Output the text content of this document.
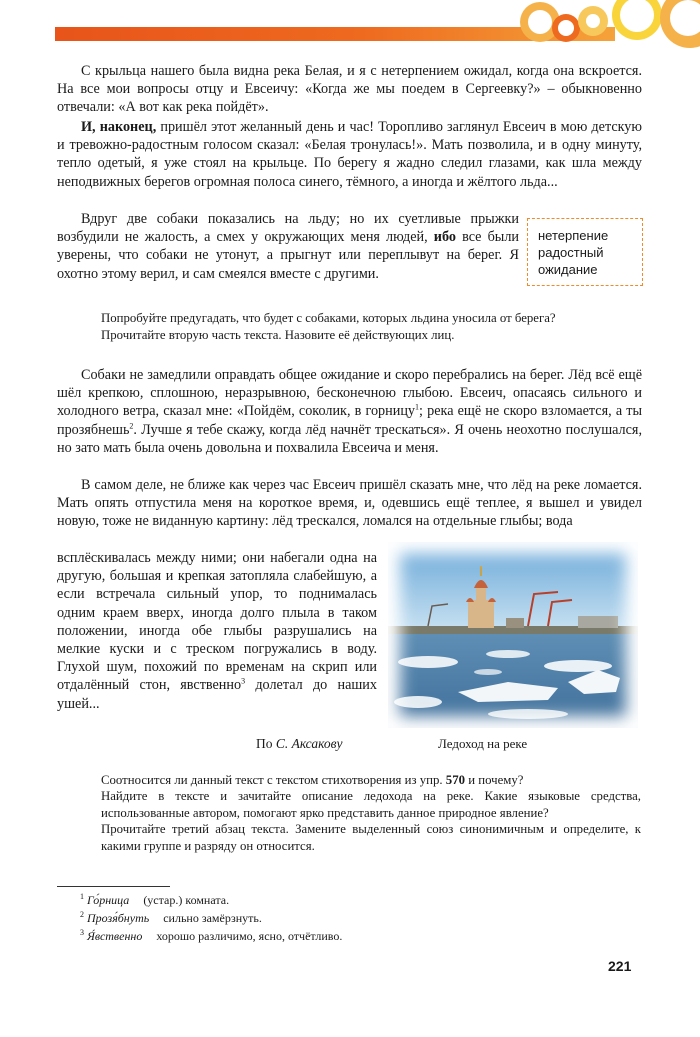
С крыльца нашего была видна река Белая, и я с нетерпением ожидал, когда она вскроется. На все мои вопросы отцу и Евсеичу: «Когда же мы поедем в Сергеевку?» – обыкновенно отвечали: «А вот как река пойдёт».

И, наконец, пришёл этот желанный день и час! Торопливо заглянул Евсеич в мою детскую и тревожно-радостным голосом сказал: «Белая тронулась!». Мать позволила, и в одну минуту, тепло одетый, я уже стоял на крыльце. По берегу я жадно следил глазами, как шла между неподвижных берегов огромная полоса синего, тёмного, а иногда и жёлтого льда...

Вдруг две собаки показались на льду; но их суетливые прыжки возбудили не жалость, а смех у окружающих меня людей, ибо все были уверены, что собаки не утонут, а прыгнут или переплывут на берег. Я охотно этому верил, и сам смеялся вместе с другими.

нетерпение радостный ожидание

Попробуйте предугадать, что будет с собаками, которых льдина уносила от берега?

Прочитайте вторую часть текста. Назовите её действующих лиц.

Собаки не замедлили оправдать общее ожидание и скоро перебрались на берег. Лёд всё ещё шёл крепкою, сплошною, неразрывною, бесконечною глыбою. Евсеич, опасаясь сильного и холодного ветра, сказал мне: «Пойдём, соколик, в горницу$^1$; река ещё не скоро взломается, а ты прозябнешь$^2$. Лучше я тебе скажу, когда лёд начнёт трескаться». Я очень неохотно послушался, но зато мать была очень довольна и похвалила Евсеича и меня.

В самом деле, не ближе как через час Евсеич пришёл сказать мне, что лёд на реке ломается. Мать опять отпустила меня на короткое время, и, одевшись ещё теплее, я вышел и увидел новую, тоже не виданную картину: лёд трескался, ломался на отдельные глыбы; вода

всплёскивалась между ними; они набегали одна на другую, большая и крепкая затопляла слабейшую, а если встречала сильный упор, то поднималась одним краем вверх, иногда долго плыла в таком положении, иногда обе глыбы разрушались на мелкие куски и с треском погружались в воду. Глухой шум, похожий по временам на скрип или отдалённый стон, явственно$^3$ долетал до наших ушей...

По С. Аксакову	Ледоход на реке

Соотносится ли данный текст с текстом стихотворения из упр. 570 и почему?

Найдите в тексте и зачитайте описание ледохода на реке. Какие языковые средства, использованные автором, помогают ярко представить данное природное явление?

Прочитайте третий абзац текста. Замените выделенный союз синонимичным и определите, к какими группе и разряду он относится.

$^1$ Го́рница (устар.) комната.
$^2$ Прозя́бнуть сильно замёрзнуть.
$^3$ Я́вственно хорошо различимо, ясно, отчётливо.
221
